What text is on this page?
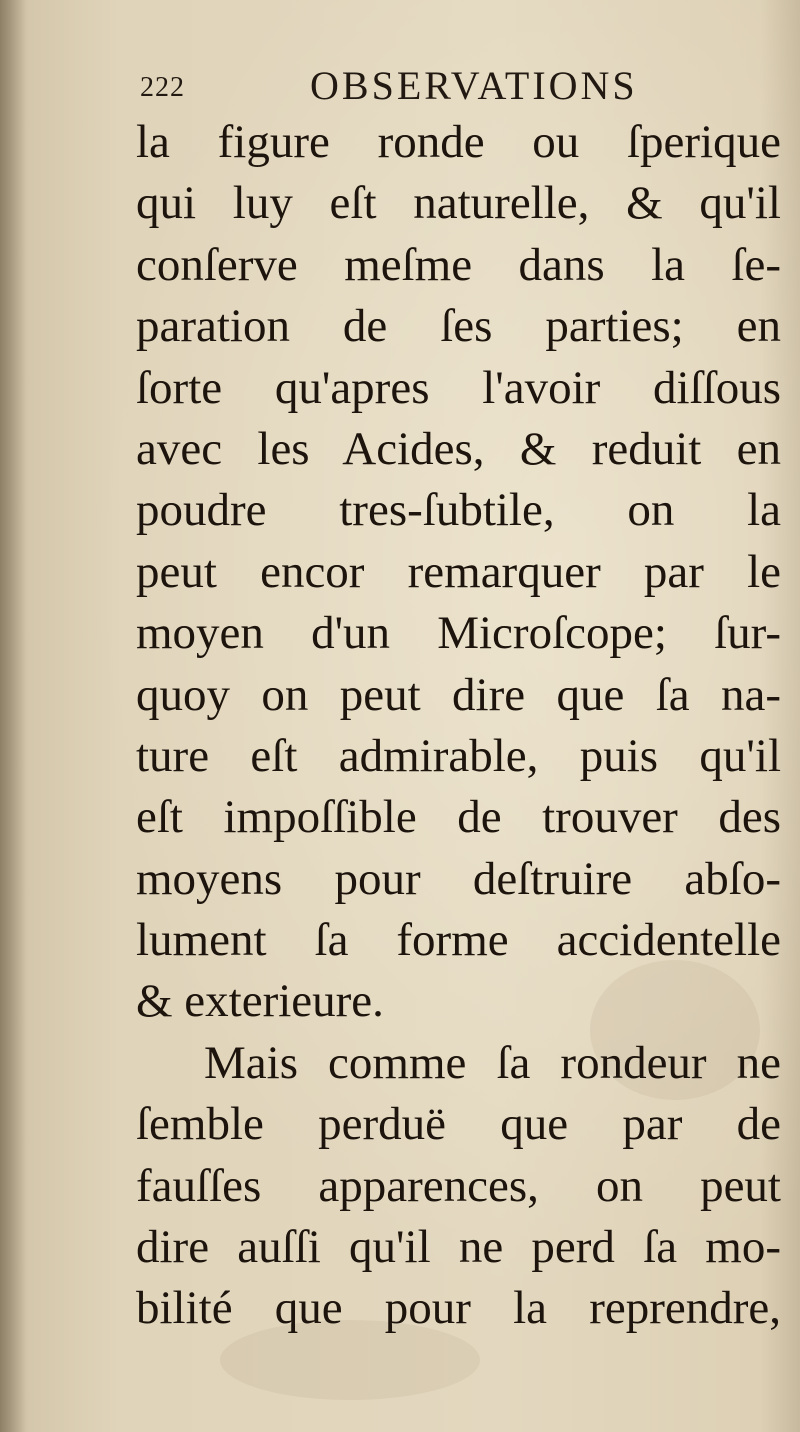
222	OBSERVATIONS
la figure ronde ou ſperique
qui luy eſt naturelle, & qu'il
conſerve meſme dans la ſe-
paration de ſes parties; en
ſorte qu'apres l'avoir diſſous
avec les Acides, & reduit en
poudre tres-ſubtile, on la
peut encor remarquer par le
moyen d'un Microſcope; ſur-
quoy on peut dire que ſa na-
ture eſt admirable, puis qu'il
eſt impoſſible de trouver des
moyens pour deſtruire abſo-
lument ſa forme accidentelle
& exterieure.
Mais comme ſa rondeur ne
ſemble perduë que par de
fauſſes apparences, on peut
dire auſſi qu'il ne perd ſa mo-
bilité que pour la reprendre,
